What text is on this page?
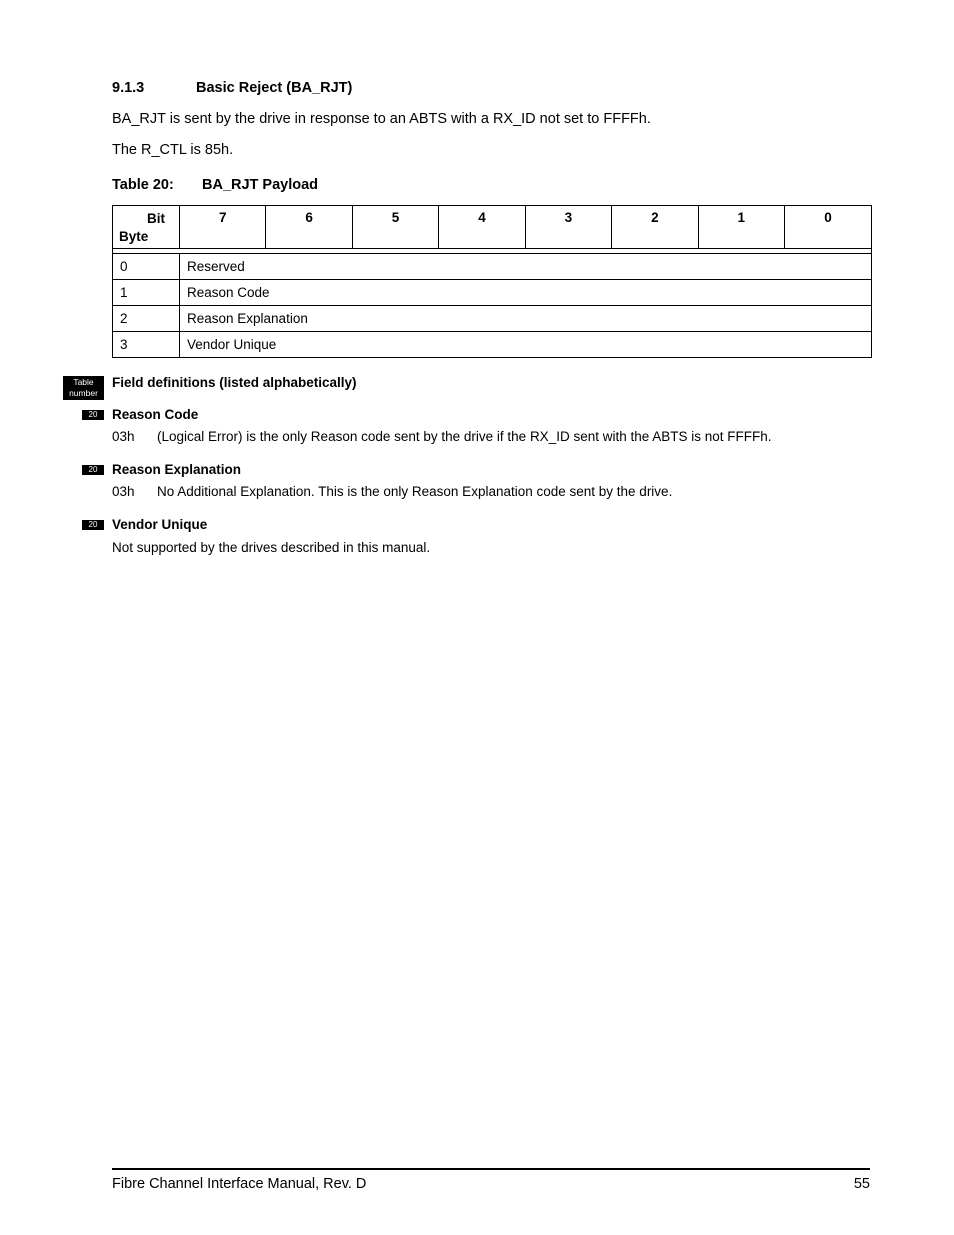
9.1.3	Basic Reject (BA_RJT)
BA_RJT is sent by the drive in response to an ABTS with a RX_ID not set to FFFFh.
The R_CTL is 85h.
Table 20: BA_RJT Payload
Bit
Byte	7	6	5	4	3	2	1	0

0	Reserved							
1	Reason Code							
2	Reason Explanation							
3	Vendor Unique							
Table
number
Field definitions (listed alphabetically)
20	Reason Code
03h (Logical Error) is the only Reason code sent by the drive if the RX_ID sent with the ABTS is not FFFFh.
20	Reason Explanation
03h No Additional Explanation. This is the only Reason Explanation code sent by the drive.
20	Vendor Unique
Not supported by the drives described in this manual.
Fibre Channel Interface Manual, Rev. D	55
